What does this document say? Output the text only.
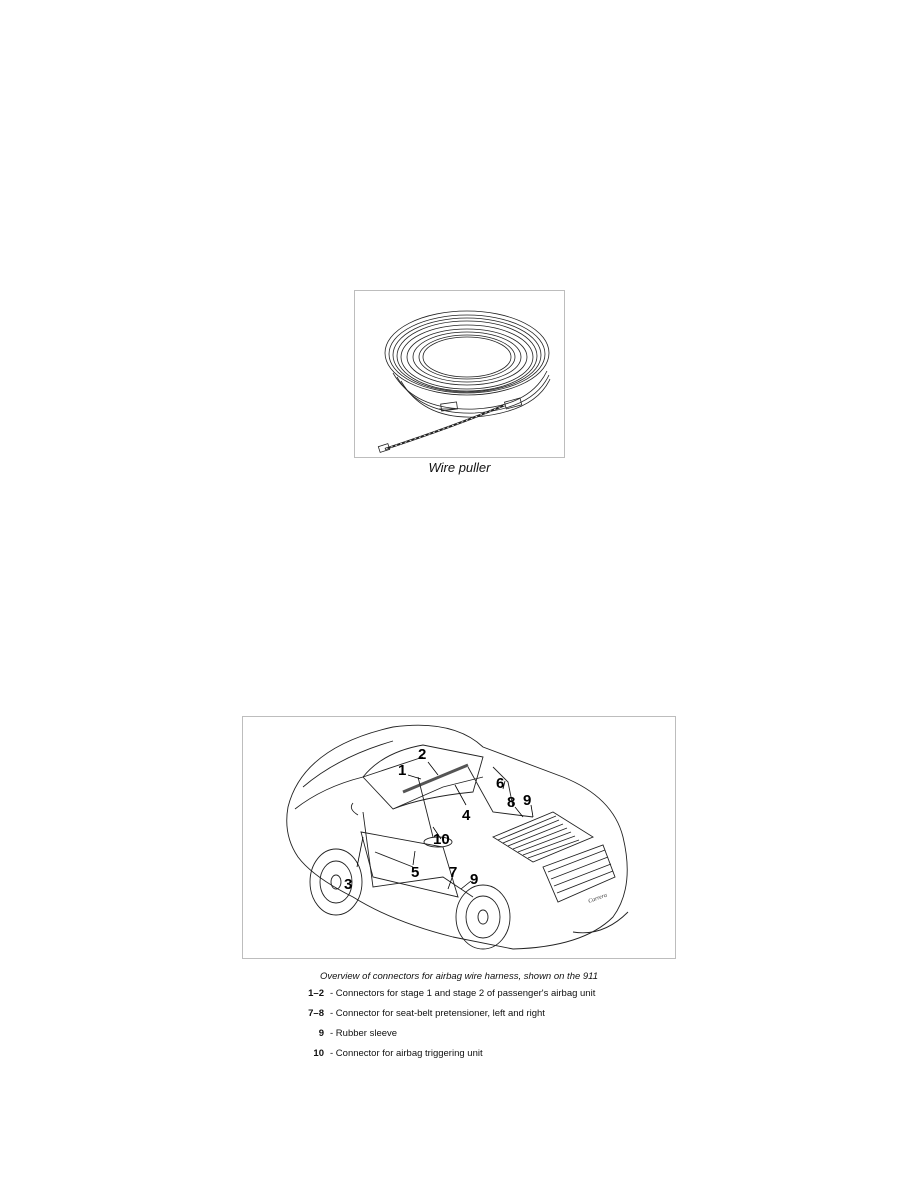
Wire puller
1
2
3
4
5
6
7
8 9
9
10
Carrera
Overview of connectors for airbag wire harness, shown on the 911
1–2 - Connectors for stage 1 and stage 2 of passenger's airbag unit
7–8 - Connector for seat-belt pretensioner, left and right
9 - Rubber sleeve
10 - Connector for airbag triggering unit
